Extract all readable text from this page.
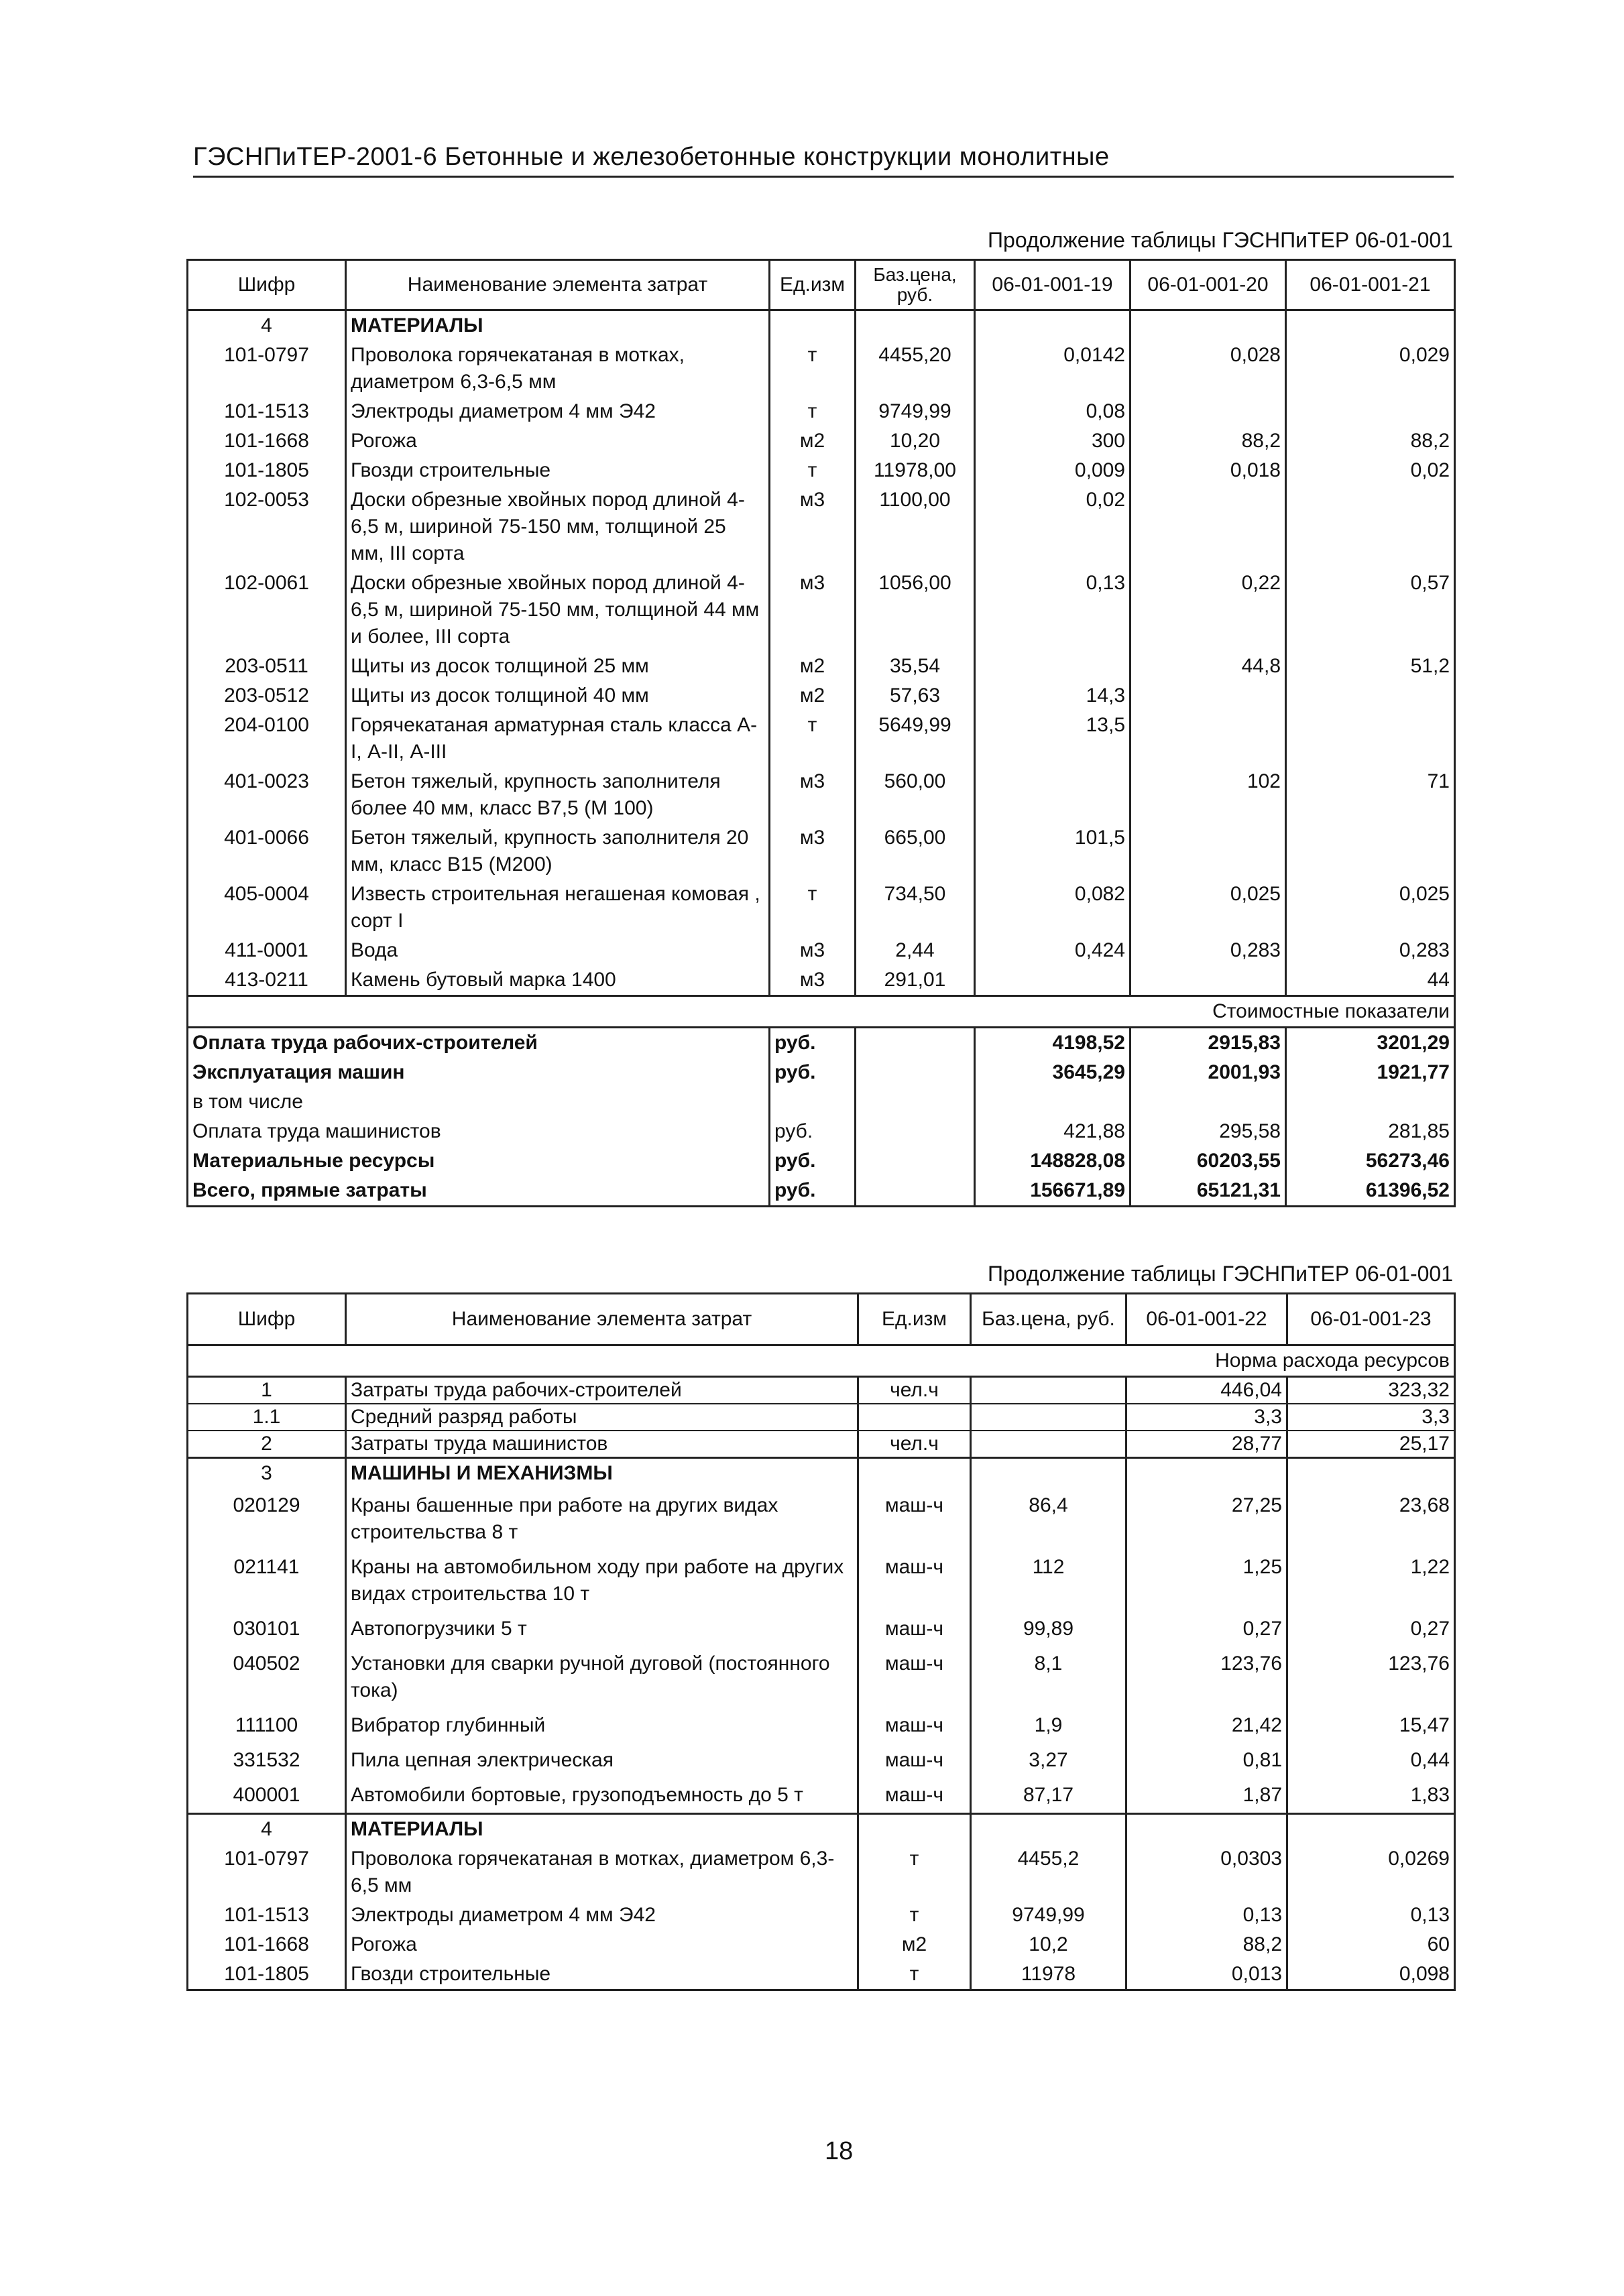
ГЭСНПиТЕР-2001-6 Бетонные и железобетонные конструкции монолитные
Продолжение таблицы ГЭСНПиТЕР 06-01-001
Шифр	Наименование элемента затрат	Ед.изм	Баз.цена, руб.	06-01-001-19	06-01-001-20	06-01-001-21
4	МАТЕРИАЛЫ					
101-0797	Проволока горячекатаная в мотках, диаметром 6,3-6,5 мм	т	4455,20	0,0142	0,028	0,029
101-1513	Электроды диаметром 4 мм Э42	т	9749,99	0,08		
101-1668	Рогожа	м2	10,20	300	88,2	88,2
101-1805	Гвозди строительные	т	11978,00	0,009	0,018	0,02
102-0053	Доски обрезные хвойных пород длиной 4-6,5 м, шириной 75-150 мм, толщиной 25 мм, III сорта	м3	1100,00	0,02		
102-0061	Доски обрезные хвойных пород длиной 4-6,5 м, шириной 75-150 мм, толщиной 44 мм и более, III сорта	м3	1056,00	0,13	0,22	0,57
203-0511	Щиты из досок толщиной 25 мм	м2	35,54		44,8	51,2
203-0512	Щиты из досок толщиной 40 мм	м2	57,63	14,3		
204-0100	Горячекатаная арматурная сталь класса А-I, А-II, А-III	т	5649,99	13,5		
401-0023	Бетон тяжелый, крупность заполнителя более 40 мм, класс В7,5 (М 100)	м3	560,00		102	71
401-0066	Бетон тяжелый, крупность заполнителя 20 мм, класс В15 (М200)	м3	665,00	101,5		
405-0004	Известь строительная негашеная комовая , сорт I	т	734,50	0,082	0,025	0,025
411-0001	Вода	м3	2,44	0,424	0,283	0,283
413-0211	Камень бутовый марка 1400	м3	291,01			44
Стоимостные показатели						
Оплата труда рабочих-строителей		руб.		4198,52	2915,83	3201,29
Эксплуатация машин		руб.		3645,29	2001,93	1921,77
в том числе						
Оплата труда машинистов		руб.		421,88	295,58	281,85
Материальные ресурсы		руб.		148828,08	60203,55	56273,46
Всего, прямые затраты		руб.		156671,89	65121,31	61396,52
Продолжение таблицы ГЭСНПиТЕР 06-01-001
Шифр	Наименование элемента затрат	Ед.изм	Баз.цена, руб.	06-01-001-22	06-01-001-23
Норма расхода ресурсов					
1	Затраты труда рабочих-строителей	чел.ч		446,04	323,32
1.1	Средний разряд работы			3,3	3,3
2	Затраты труда машинистов	чел.ч		28,77	25,17
3	МАШИНЫ И МЕХАНИЗМЫ				
020129	Краны башенные при работе на других видах строительства 8 т	маш-ч	86,4	27,25	23,68
021141	Краны на автомобильном ходу при работе на других видах строительства 10 т	маш-ч	112	1,25	1,22
030101	Автопогрузчики 5 т	маш-ч	99,89	0,27	0,27
040502	Установки для сварки ручной дуговой (постоянного тока)	маш-ч	8,1	123,76	123,76
111100	Вибратор глубинный	маш-ч	1,9	21,42	15,47
331532	Пила цепная электрическая	маш-ч	3,27	0,81	0,44
400001	Автомобили бортовые, грузоподъемность до 5 т	маш-ч	87,17	1,87	1,83
4	МАТЕРИАЛЫ				
101-0797	Проволока горячекатаная в мотках, диаметром 6,3-6,5 мм	т	4455,2	0,0303	0,0269
101-1513	Электроды диаметром 4 мм Э42	т	9749,99	0,13	0,13
101-1668	Рогожа	м2	10,2	88,2	60
101-1805	Гвозди строительные	т	11978	0,013	0,098
18
